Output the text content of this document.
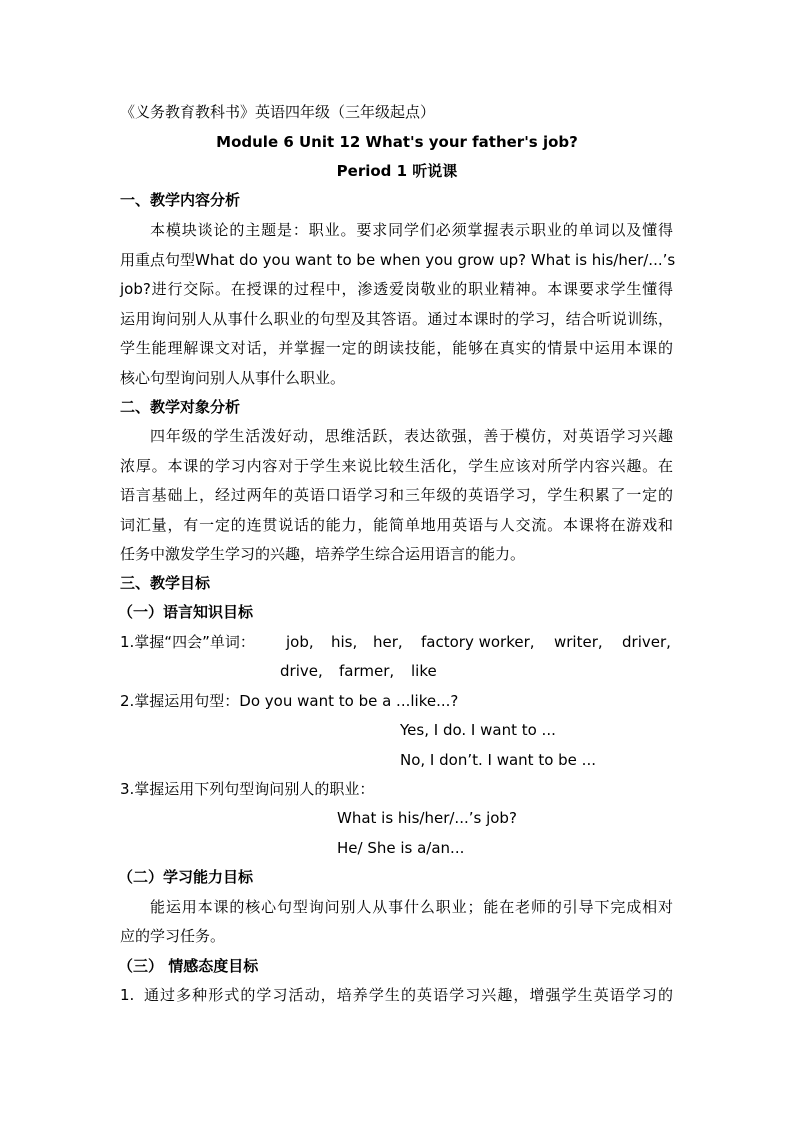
《义务教育教科书》英语四年级（三年级起点）
Module 6 Unit 12 What's your father's job?
Period 1 听说课
一、教学内容分析
本模块谈论的主题是：职业。要求同学们必须掌握表示职业的单词以及懂得
用重点句型What do you want to be when you grow up? What is his/her/...’s
job?进行交际。在授课的过程中，渗透爱岗敬业的职业精神。本课要求学生懂得
运用询问别人从事什么职业的句型及其答语。通过本课时的学习，结合听说训练，
学生能理解课文对话，并掌握一定的朗读技能，能够在真实的情景中运用本课的
核心句型询问别人从事什么职业。
二、教学对象分析
四年级的学生活泼好动，思维活跃，表达欲强，善于模仿，对英语学习兴趣
浓厚。本课的学习内容对于学生来说比较生活化，学生应该对所学内容兴趣。在
语言基础上，经过两年的英语口语学习和三年级的英语学习，学生积累了一定的
词汇量，有一定的连贯说话的能力，能简单地用英语与人交流。本课将在游戏和
任务中激发学生学习的兴趣，培养学生综合运用语言的能力。
三、教学目标
（一）语言知识目标
1.掌握“四会”单词： job, his, her, factory worker, writer, driver,
drive, farmer, like
2.掌握运用句型：Do you want to be a ...like...?
Yes, I do. I want to ...
No, I don’t. I want to be ...
3.掌握运用下列句型询问别人的职业：
What is his/her/...’s job?
He/ She is a/an...
（二）学习能力目标
能运用本课的核心句型询问别人从事什么职业；能在老师的引导下完成相对
应的学习任务。
（三） 情感态度目标
1. 通过多种形式的学习活动，培养学生的英语学习兴趣，增强学生英语学习的
